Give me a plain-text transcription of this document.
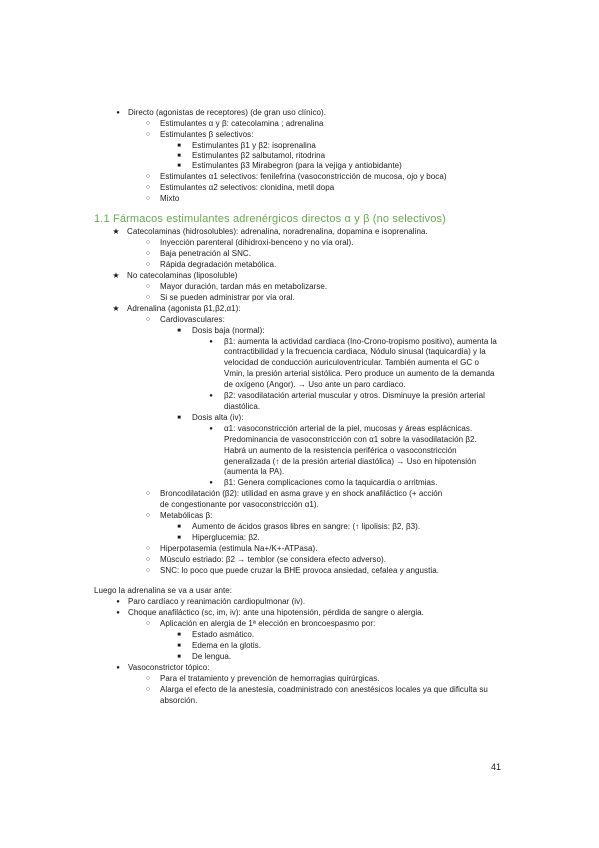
●	Directo (agonistas de receptores) (de gran uso clínico).
○	Estimulantes α y β: catecolamina ; adrenalina
○	Estimulantes β selectivos:
■	Estimulantes β1 y β2: isoprenalina
■	Estimulantes β2 salbutamol, ritodrina
■	Estimulantes β3 Mirabegron (para la vejiga y antiobidante)
○	Estimulantes α1 selectivos: fenilefrina (vasoconstricción de mucosa, ojo y boca)
○	Estimulantes α2 selectivos: clonidina, metil dopa
○	Mixto
1.1 Fármacos estimulantes adrenérgicos directos α y β (no selectivos)
★ Catecolaminas (hidrosolubles): adrenalina, noradrenalina, dopamina e isoprenalina.
○	Inyección parenteral (dihidroxi-benceno y no vía oral).
○	Baja penetración al SNC.
○	Rápida degradación metabólica.
★ No catecolaminas (liposoluble)
○	Mayor duración, tardan más en metabolizarse.
○	Si se pueden administrar por vía oral.
★ Adrenalina (agonista β1,β2,α1):
○	Cardiovasculares:
■	Dosis baja (normal):
●	β1: aumenta la actividad cardiaca (Ino-Crono-tropismo positivo), aumenta la
contractibilidad y la frecuencia cardiaca, Nódulo sinusal (taquicardia) y la
velocidad de conducción auriculoventricular. También aumenta el GC o
Vmin, la presión arterial sistólica. Pero produce un aumento de la demanda
de oxígeno (Angor). → Uso ante un paro cardiaco.
●	β2: vasodilatación arterial muscular y otros. Disminuye la presión arterial
diastólica.
■	Dosis alta (iv):
●	α1: vasoconstricción arterial de la piel, mucosas y áreas esplácnicas.
Predominancia de vasoconstricción con α1 sobre la vasodilatación β2.
Habrá un aumento de la resistencia periférica o vasoconstricción
generalizada (↑ de la presión arterial diastólica) → Uso en hipotensión
(aumenta la PA).
●	β1: Genera complicaciones como la taquicardia o arritmias.
○	Broncodilatación (β2): utilidad en asma grave y en shock anafiláctico (+ acción
de congestionante por vasoconstricción α1).
○	Metabólicas β:
■	Aumento de ácidos grasos libres en sangre: (↑ lipolisis: β2, β3).
■	Hiperglucemia: β2.
○	Hiperpotasemia (estimula Na+/K+-ATPasa).
○	Músculo estriado: β2 → temblor (se considera efecto adverso).
○	SNC: lo poco que puede cruzar la BHE provoca ansiedad, cefalea y angustia.
Luego la adrenalina se va a usar ante:
●	Paro cardíaco y reanimación cardiopulmonar (iv).
●	Choque anafiláctico (sc, im, iv): ante una hipotensión, pérdida de sangre o alergia.
○	Aplicación en alergia de 1ª elección en broncoespasmo por:
■	Estado asmático.
■	Edema en la glotis.
■	De lengua.
●	Vasoconstrictor tópico:
○	Para el tratamiento y prevención de hemorragias quirúrgicas.
○	Alarga el efecto de la anestesia, coadministrado con anestésicos locales ya que dificulta su
absorción.
41
